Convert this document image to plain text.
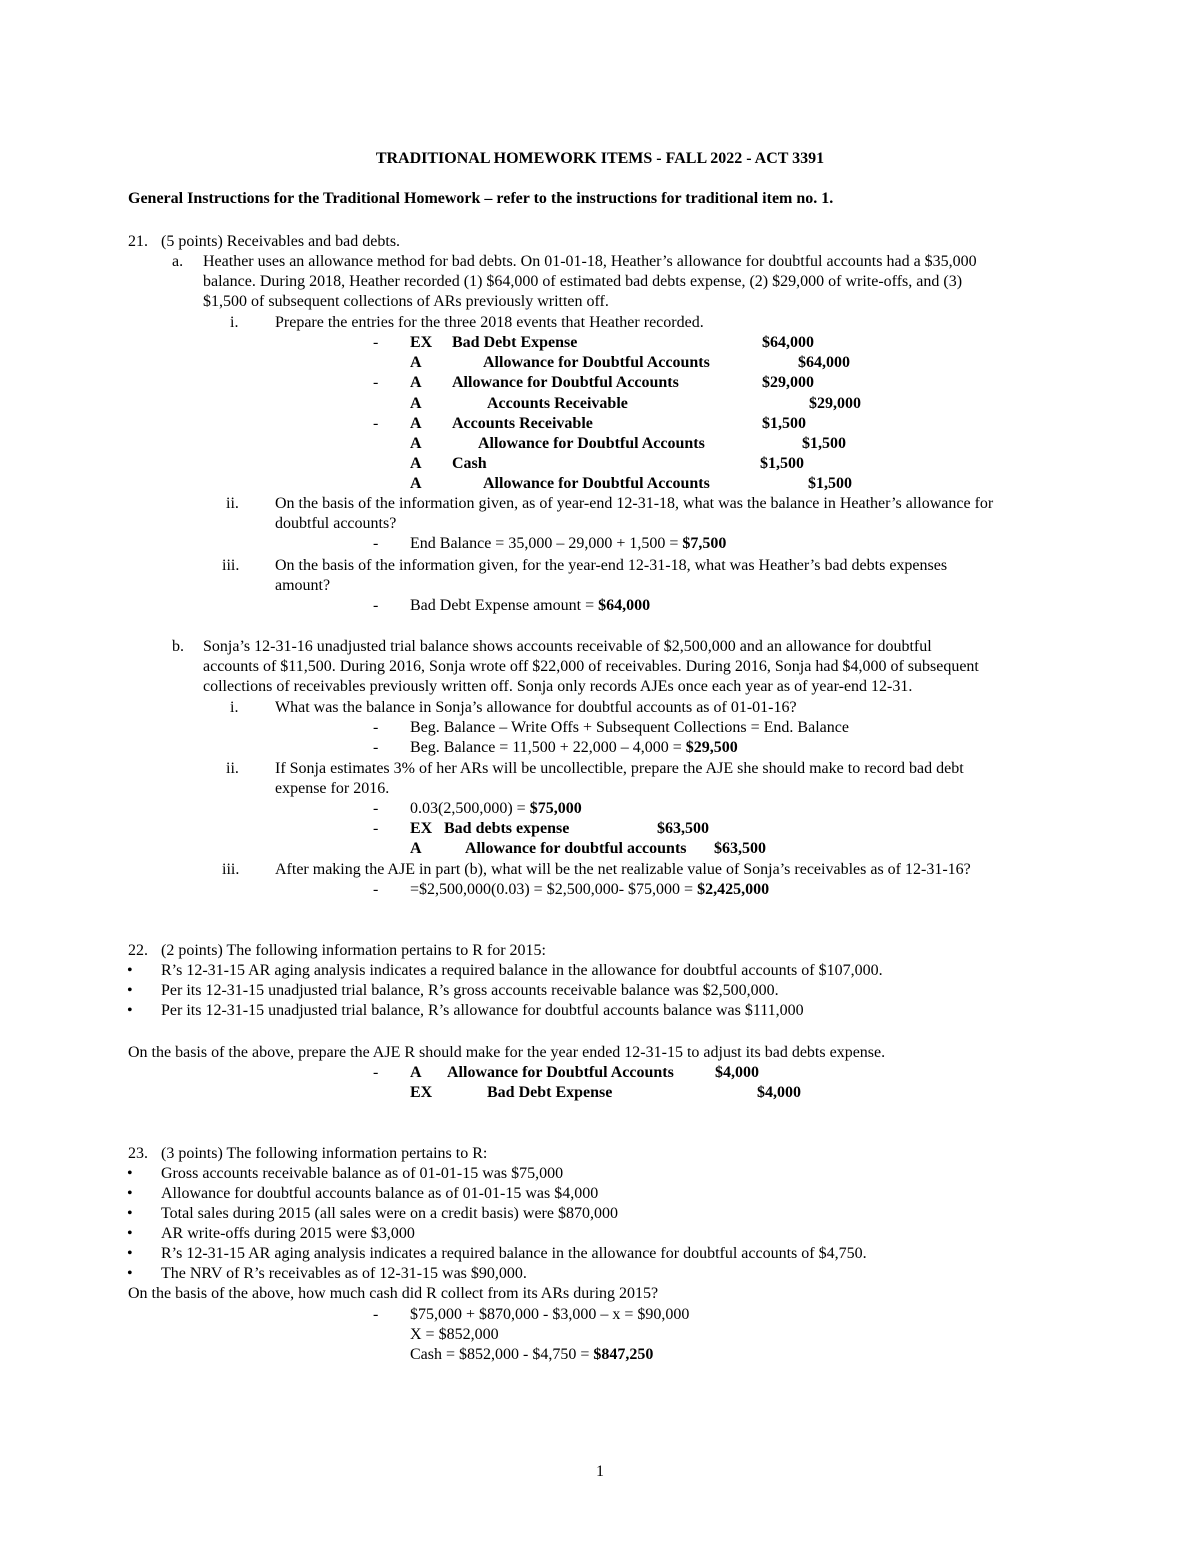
TRADITIONAL HOMEWORK ITEMS - FALL 2022 - ACT 3391
General Instructions for the Traditional Homework – refer to the instructions for traditional item no. 1.
21. (5 points) Receivables and bad debts.
a. Heather uses an allowance method for bad debts. On 01-01-18, Heather’s allowance for doubtful accounts had a $35,000
balance. During 2018, Heather recorded (1) $64,000 of estimated bad debts expense, (2) $29,000 of write-offs, and (3)
$1,500 of subsequent collections of ARs previously written off.
i. Prepare the entries for the three 2018 events that Heather recorded.
- EX Bad Debt Expense	$64,000
A	Allowance for Doubtful Accounts	$64,000
- A Allowance for Doubtful Accounts	$29,000
A	Accounts Receivable	$29,000
- A Accounts Receivable	$1,500
A	Allowance for Doubtful Accounts	$1,500
A Cash	$1,500
A	Allowance for Doubtful Accounts	$1,500
ii. On the basis of the information given, as of year-end 12-31-18, what was the balance in Heather’s allowance for
doubtful accounts?
- End Balance = 35,000 – 29,000 + 1,500 = $7,500
iii. On the basis of the information given, for the year-end 12-31-18, what was Heather’s bad debts expenses
amount?
- Bad Debt Expense amount = $64,000
b. Sonja’s 12-31-16 unadjusted trial balance shows accounts receivable of $2,500,000 and an allowance for doubtful
accounts of $11,500. During 2016, Sonja wrote off $22,000 of receivables. During 2016, Sonja had $4,000 of subsequent
collections of receivables previously written off. Sonja only records AJEs once each year as of year-end 12-31.
i. What was the balance in Sonja’s allowance for doubtful accounts as of 01-01-16?
- Beg. Balance – Write Offs + Subsequent Collections = End. Balance
- Beg. Balance = 11,500 + 22,000 – 4,000 = $29,500
ii. If Sonja estimates 3% of her ARs will be uncollectible, prepare the AJE she should make to record bad debt
expense for 2016.
- 0.03(2,500,000) = $75,000
- EX Bad debts expense	$63,500
A	Allowance for doubtful accounts $63,500
iii. After making the AJE in part (b), what will be the net realizable value of Sonja’s receivables as of 12-31-16?
- =$2,500,000(0.03) = $2,500,000- $75,000 = $2,425,000
22. (2 points) The following information pertains to R for 2015:
• R’s 12-31-15 AR aging analysis indicates a required balance in the allowance for doubtful accounts of $107,000.
• Per its 12-31-15 unadjusted trial balance, R’s gross accounts receivable balance was $2,500,000.
• Per its 12-31-15 unadjusted trial balance, R’s allowance for doubtful accounts balance was $111,000
On the basis of the above, prepare the AJE R should make for the year ended 12-31-15 to adjust its bad debts expense.
- A Allowance for Doubtful Accounts	$4,000
EX	Bad Debt Expense	$4,000
23. (3 points) The following information pertains to R:
• Gross accounts receivable balance as of 01-01-15 was $75,000
• Allowance for doubtful accounts balance as of 01-01-15 was $4,000
• Total sales during 2015 (all sales were on a credit basis) were $870,000
• AR write-offs during 2015 were $3,000
• R’s 12-31-15 AR aging analysis indicates a required balance in the allowance for doubtful accounts of $4,750.
• The NRV of R’s receivables as of 12-31-15 was $90,000.
On the basis of the above, how much cash did R collect from its ARs during 2015?
- $75,000 + $870,000 - $3,000 – x = $90,000
X = $852,000
Cash = $852,000 - $4,750 = $847,250
1
